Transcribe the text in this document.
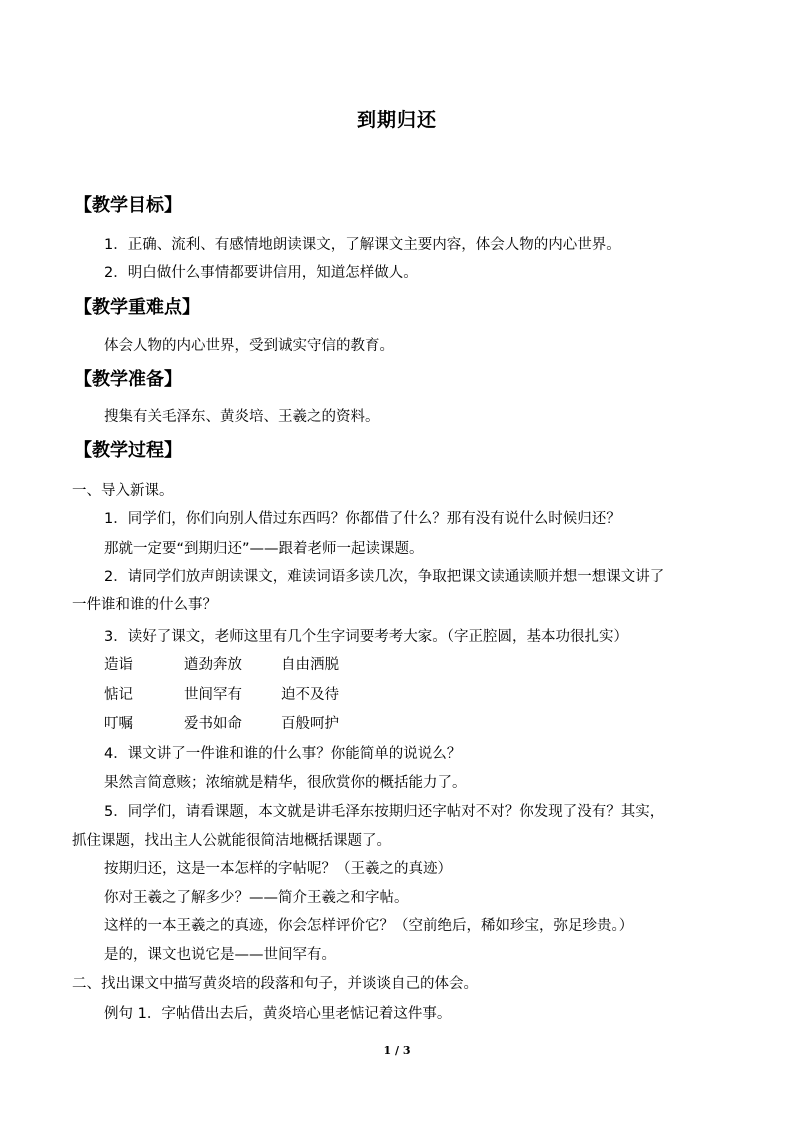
到期归还
【教学目标】
1．正确、流利、有感情地朗读课文，了解课文主要内容，体会人物的内心世界。
2．明白做什么事情都要讲信用，知道怎样做人。
【教学重难点】
体会人物的内心世界，受到诚实守信的教育。
【教学准备】
搜集有关毛泽东、黄炎培、王羲之的资料。
【教学过程】
一、导入新课。
1．同学们，你们向别人借过东西吗？你都借了什么？那有没有说什么时候归还？
那就一定要“到期归还”——跟着老师一起读课题。
2．请同学们放声朗读课文，难读词语多读几次，争取把课文读通读顺并想一想课文讲了
一件谁和谁的什么事？
3．读好了课文，老师这里有几个生字词要考考大家。（字正腔圆，基本功很扎实）
造诣	遒劲奔放	自由洒脱
惦记	世间罕有	迫不及待
叮嘱	爱书如命	百般呵护
4．课文讲了一件谁和谁的什么事？你能简单的说说么？
果然言简意赅；浓缩就是精华，很欣赏你的概括能力了。
5．同学们，请看课题，本文就是讲毛泽东按期归还字帖对不对？你发现了没有？其实，
抓住课题，找出主人公就能很简洁地概括课题了。
按期归还，这是一本怎样的字帖呢？（王羲之的真迹）
你对王羲之了解多少？——简介王羲之和字帖。
这样的一本王羲之的真迹，你会怎样评价它？（空前绝后，稀如珍宝，弥足珍贵。）
是的，课文也说它是——世间罕有。
二、找出课文中描写黄炎培的段落和句子，并谈谈自己的体会。
例句 1．字帖借出去后，黄炎培心里老惦记着这件事。
1 / 3
